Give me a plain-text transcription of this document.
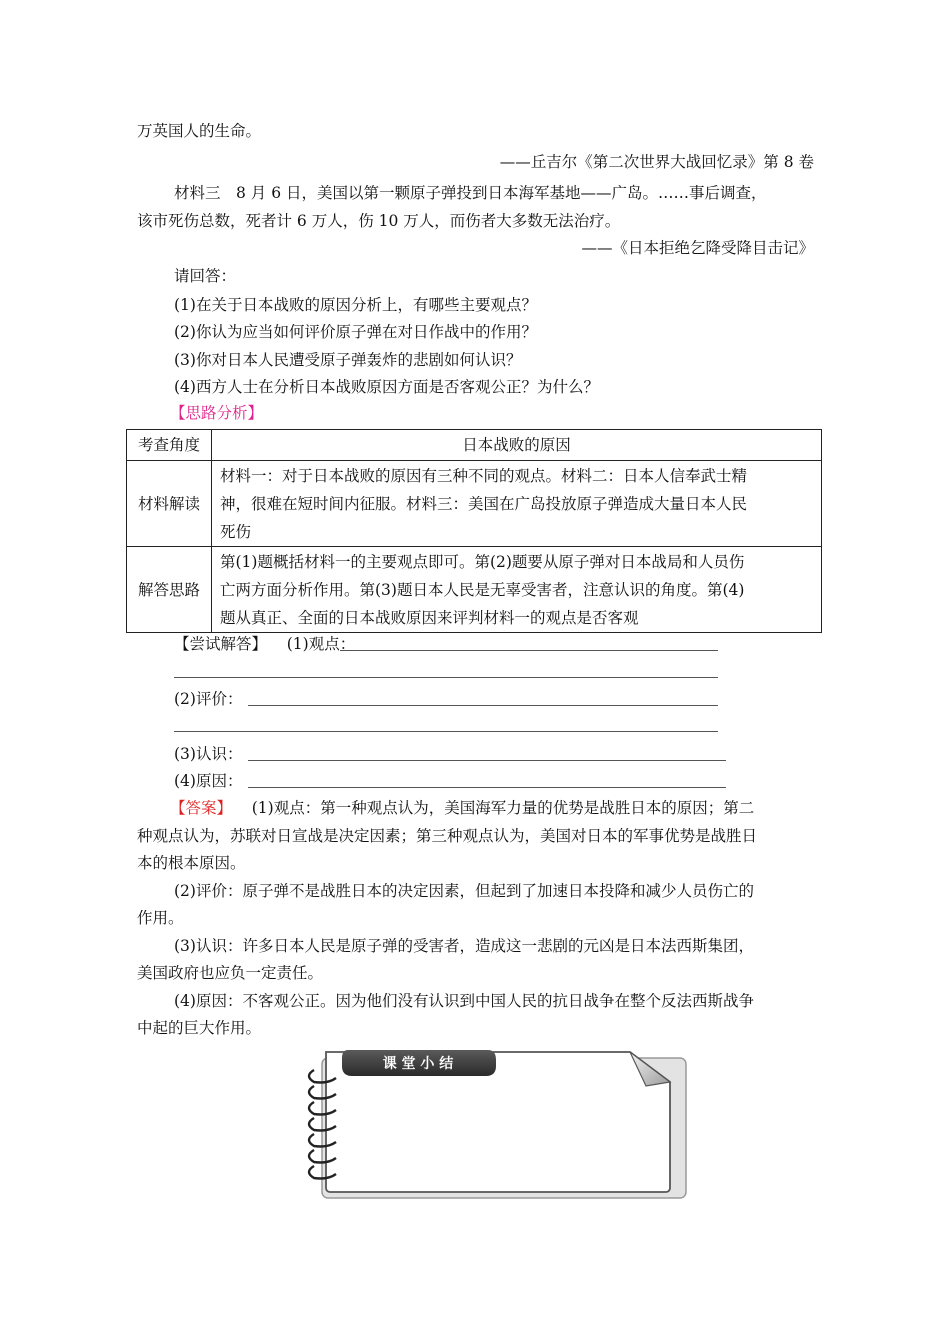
万英国人的生命。
——丘吉尔《第二次世界大战回忆录》第 8 卷
材料三　8 月 6 日，美国以第一颗原子弹投到日本海军基地——广岛。……事后调查，
该市死伤总数，死者计 6 万人，伤 10 万人，而伤者大多数无法治疗。
——《日本拒绝乞降受降目击记》
请回答：
(1)在关于日本战败的原因分析上，有哪些主要观点？
(2)你认为应当如何评价原子弹在对日作战中的作用？
(3)你对日本人民遭受原子弹轰炸的悲剧如何认识？
(4)西方人士在分析日本战败原因方面是否客观公正？为什么？
【思路分析】
考查角度	日本战败的原因
材料解读	材料一：对于日本战败的原因有三种不同的观点。材料二：日本人信奉武士精
神，很难在短时间内征服。材料三：美国在广岛投放原子弹造成大量日本人民
死伤

解答思路	第(1)题概括材料一的主要观点即可。第(2)题要从原子弹对日本战局和人员伤
亡两方面分析作用。第(3)题日本人民是无辜受害者，注意认识的角度。第(4)
题从真正、全面的日本战败原因来评判材料一的观点是否客观
【尝试解答】 (1)观点：
(2)评价：
(3)认识：
(4)原因：
【答案】 (1)观点：第一种观点认为，美国海军力量的优势是战胜日本的原因；第二
种观点认为，苏联对日宣战是决定因素；第三种观点认为，美国对日本的军事优势是战胜日
本的根本原因。
(2)评价：原子弹不是战胜日本的决定因素，但起到了加速日本投降和减少人员伤亡的
作用。
(3)认识：许多日本人民是原子弹的受害者，造成这一悲剧的元凶是日本法西斯集团，
美国政府也应负一定责任。
(4)原因：不客观公正。因为他们没有认识到中国人民的抗日战争在整个反法西斯战争
中起的巨大作用。
课 堂 小 结
